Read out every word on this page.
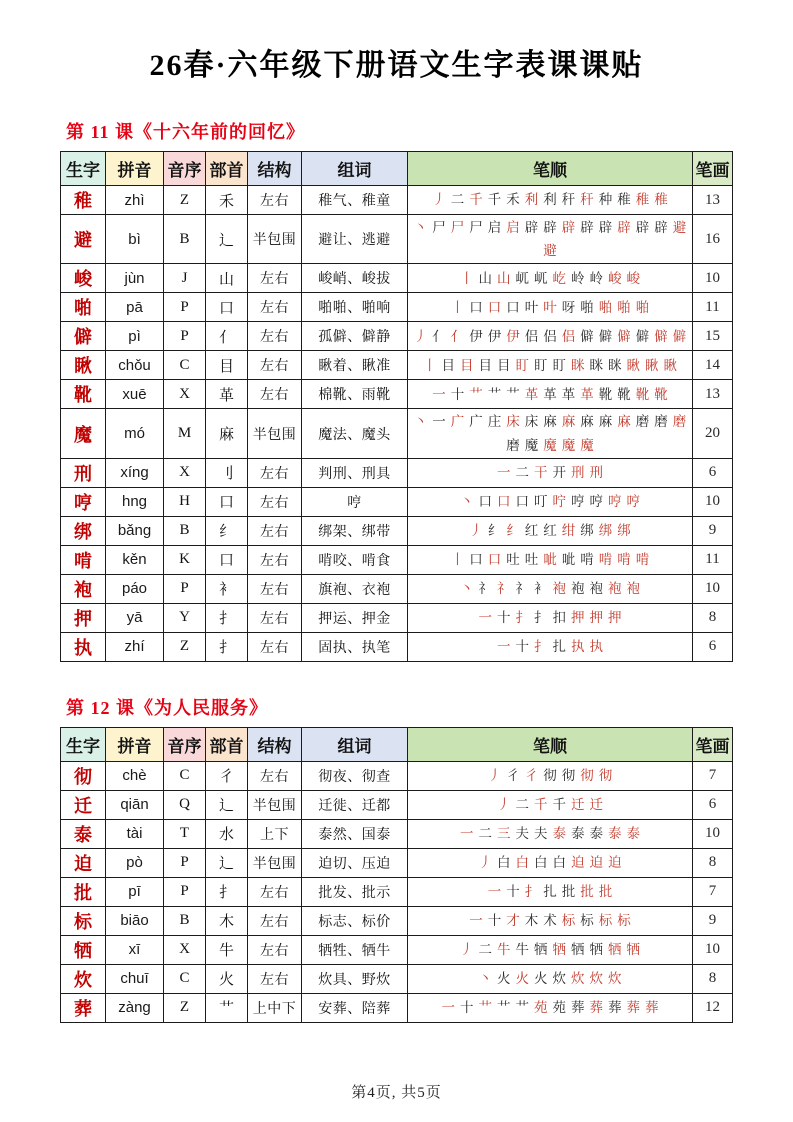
26春·六年级下册语文生字表课课贴
第 11 课《十六年前的回忆》
生字	拼音	音序	部首	结构	组词	笔顺	笔画
稚	zhì	Z	禾	左右	稚气、稚童	丿 二 千 千 禾 利 利 秆 秆 种 稚 稚 稚	13
避	bì	B	辶	半包围	避让、逃避	丶 尸 尸 尸 启 启 辟 辟 辟 辟 辟 辟 辟 辟 避避	16
峻	jùn	J	山	左右	峻峭、峻拔	丨 山 山 屼 屼 屹 岭 岭 峻 峻	10
啪	pā	P	口	左右	啪啪、啪响	丨 口 口 口 叶 叶 呀 啪 啪 啪 啪	11
僻	pì	P	亻	左右	孤僻、僻静	丿 亻 亻 伊 伊 伊 侣 侣 侣 僻 僻 僻 僻 僻 僻	15
瞅	chǒu	C	目	左右	瞅着、瞅准	丨 目 目 目 目 盯 盯 盯 眯 眯 眯 瞅 瞅 瞅	14
靴	xuē	X	革	左右	棉靴、雨靴	一 十 艹 艹 艹 革 革 革 革 靴 靴 靴 靴	13
魔	mó	M	麻	半包围	魔法、魔头	丶 一 广 广 庄 床 床 麻 麻 麻 麻 麻 磨 磨 磨磨 魔 魔 魔 魔	20
刑	xíng	X	刂	左右	判刑、刑具	一 二 干 开 刑 刑	6
哼	hng	H	口	左右	哼	丶 口 口 口 叮 咛 哼 哼 哼 哼	10
绑	bǎng	B	纟	左右	绑架、绑带	丿 纟 纟 红 红 绀 绑 绑 绑	9
啃	kěn	K	口	左右	啃咬、啃食	丨 口 口 吐 吐 呲 呲 啃 啃 啃 啃	11
袍	páo	P	衤	左右	旗袍、衣袍	丶 礻 礻 礻 衤 袍 袍 袍 袍 袍	10
押	yā	Y	扌	左右	押运、押金	一 十 扌 扌 扣 押 押 押	8
执	zhí	Z	扌	左右	固执、执笔	一 十 扌 扎 执 执	6
第 12 课《为人民服务》
生字	拼音	音序	部首	结构	组词	笔顺	笔画
彻	chè	C	彳	左右	彻夜、彻查	丿 彳 彳 彻 彻 彻 彻	7
迁	qiān	Q	辶	半包围	迁徙、迁都	丿 二 千 千 迁 迁	6
泰	tài	T	水	上下	泰然、国泰	一 二 三 夫 夫 泰 泰 泰 泰 泰	10
迫	pò	P	辶	半包围	迫切、压迫	丿 白 白 白 白 迫 迫 迫	8
批	pī	P	扌	左右	批发、批示	一 十 扌 扎 批 批 批	7
标	biāo	B	木	左右	标志、标价	一 十 才 木 术 标 标 标 标	9
牺	xī	X	牛	左右	牺牲、牺牛	丿 二 牛 牛 牺 牺 牺 牺 牺 牺	10
炊	chuī	C	火	左右	炊具、野炊	丶 火 火 火 炊 炊 炊 炊	8
葬	zàng	Z	艹	上中下	安葬、陪葬	一 十 艹 艹 艹 苑 苑 葬 葬 葬 葬 葬	12
第4页, 共5页
